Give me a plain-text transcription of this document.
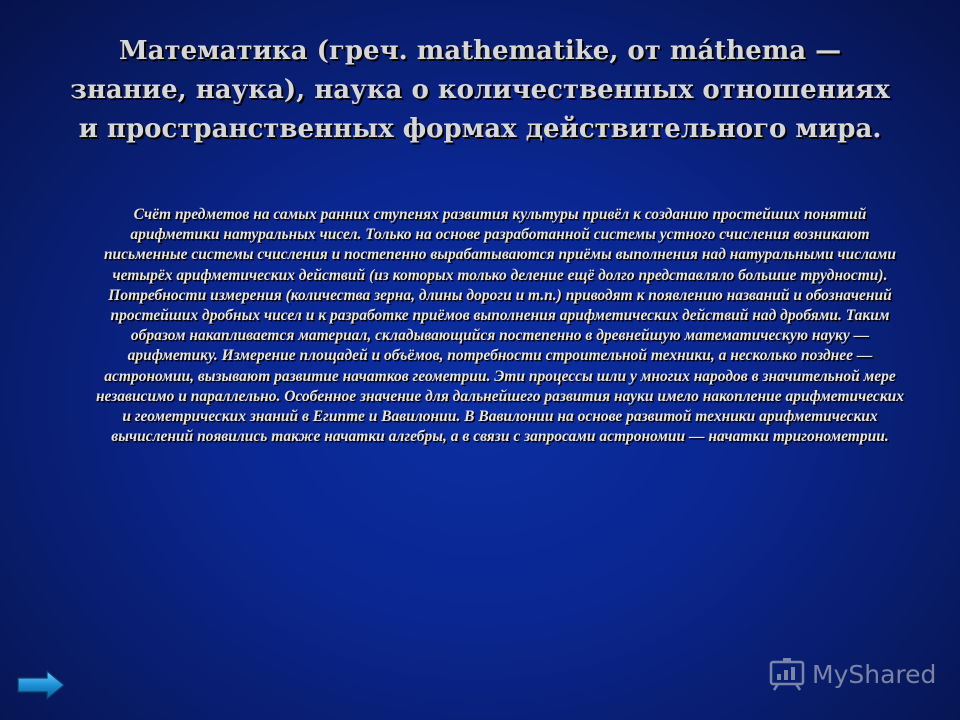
Математика (греч. mathematike, от máthema — знание, наука), наука о количественных отношениях и пространственных формах действительного мира.

Счёт предметов на самых ранних ступенях развития культуры привёл к созданию простейших понятий арифметики натуральных чисел. Только на основе разработанной системы устного счисления возникают письменные системы счисления и постепенно вырабатываются приёмы выполнения над натуральными числами четырёх арифметических действий (из которых только деление ещё долго представляло большие трудности). Потребности измерения (количества зерна, длины дороги и т.п.) приводят к появлению названий и обозначений простейших дробных чисел и к разработке приёмов выполнения арифметических действий над дробями. Таким образом накапливается материал, складывающийся постепенно в древнейшую математическую науку — арифметику. Измерение площадей и объёмов, потребности строительной техники, а несколько позднее — астрономии, вызывают развитие начатков геометрии. Эти процессы шли у многих народов в значительной мере независимо и параллельно. Особенное значение для дальнейшего развития науки имело накопление арифметических и геометрических знаний в Египте и Вавилонии. В Вавилонии на основе развитой техники арифметических вычислений появились также начатки алгебры, а в связи с запросами астрономии — начатки тригонометрии.

MyShared
